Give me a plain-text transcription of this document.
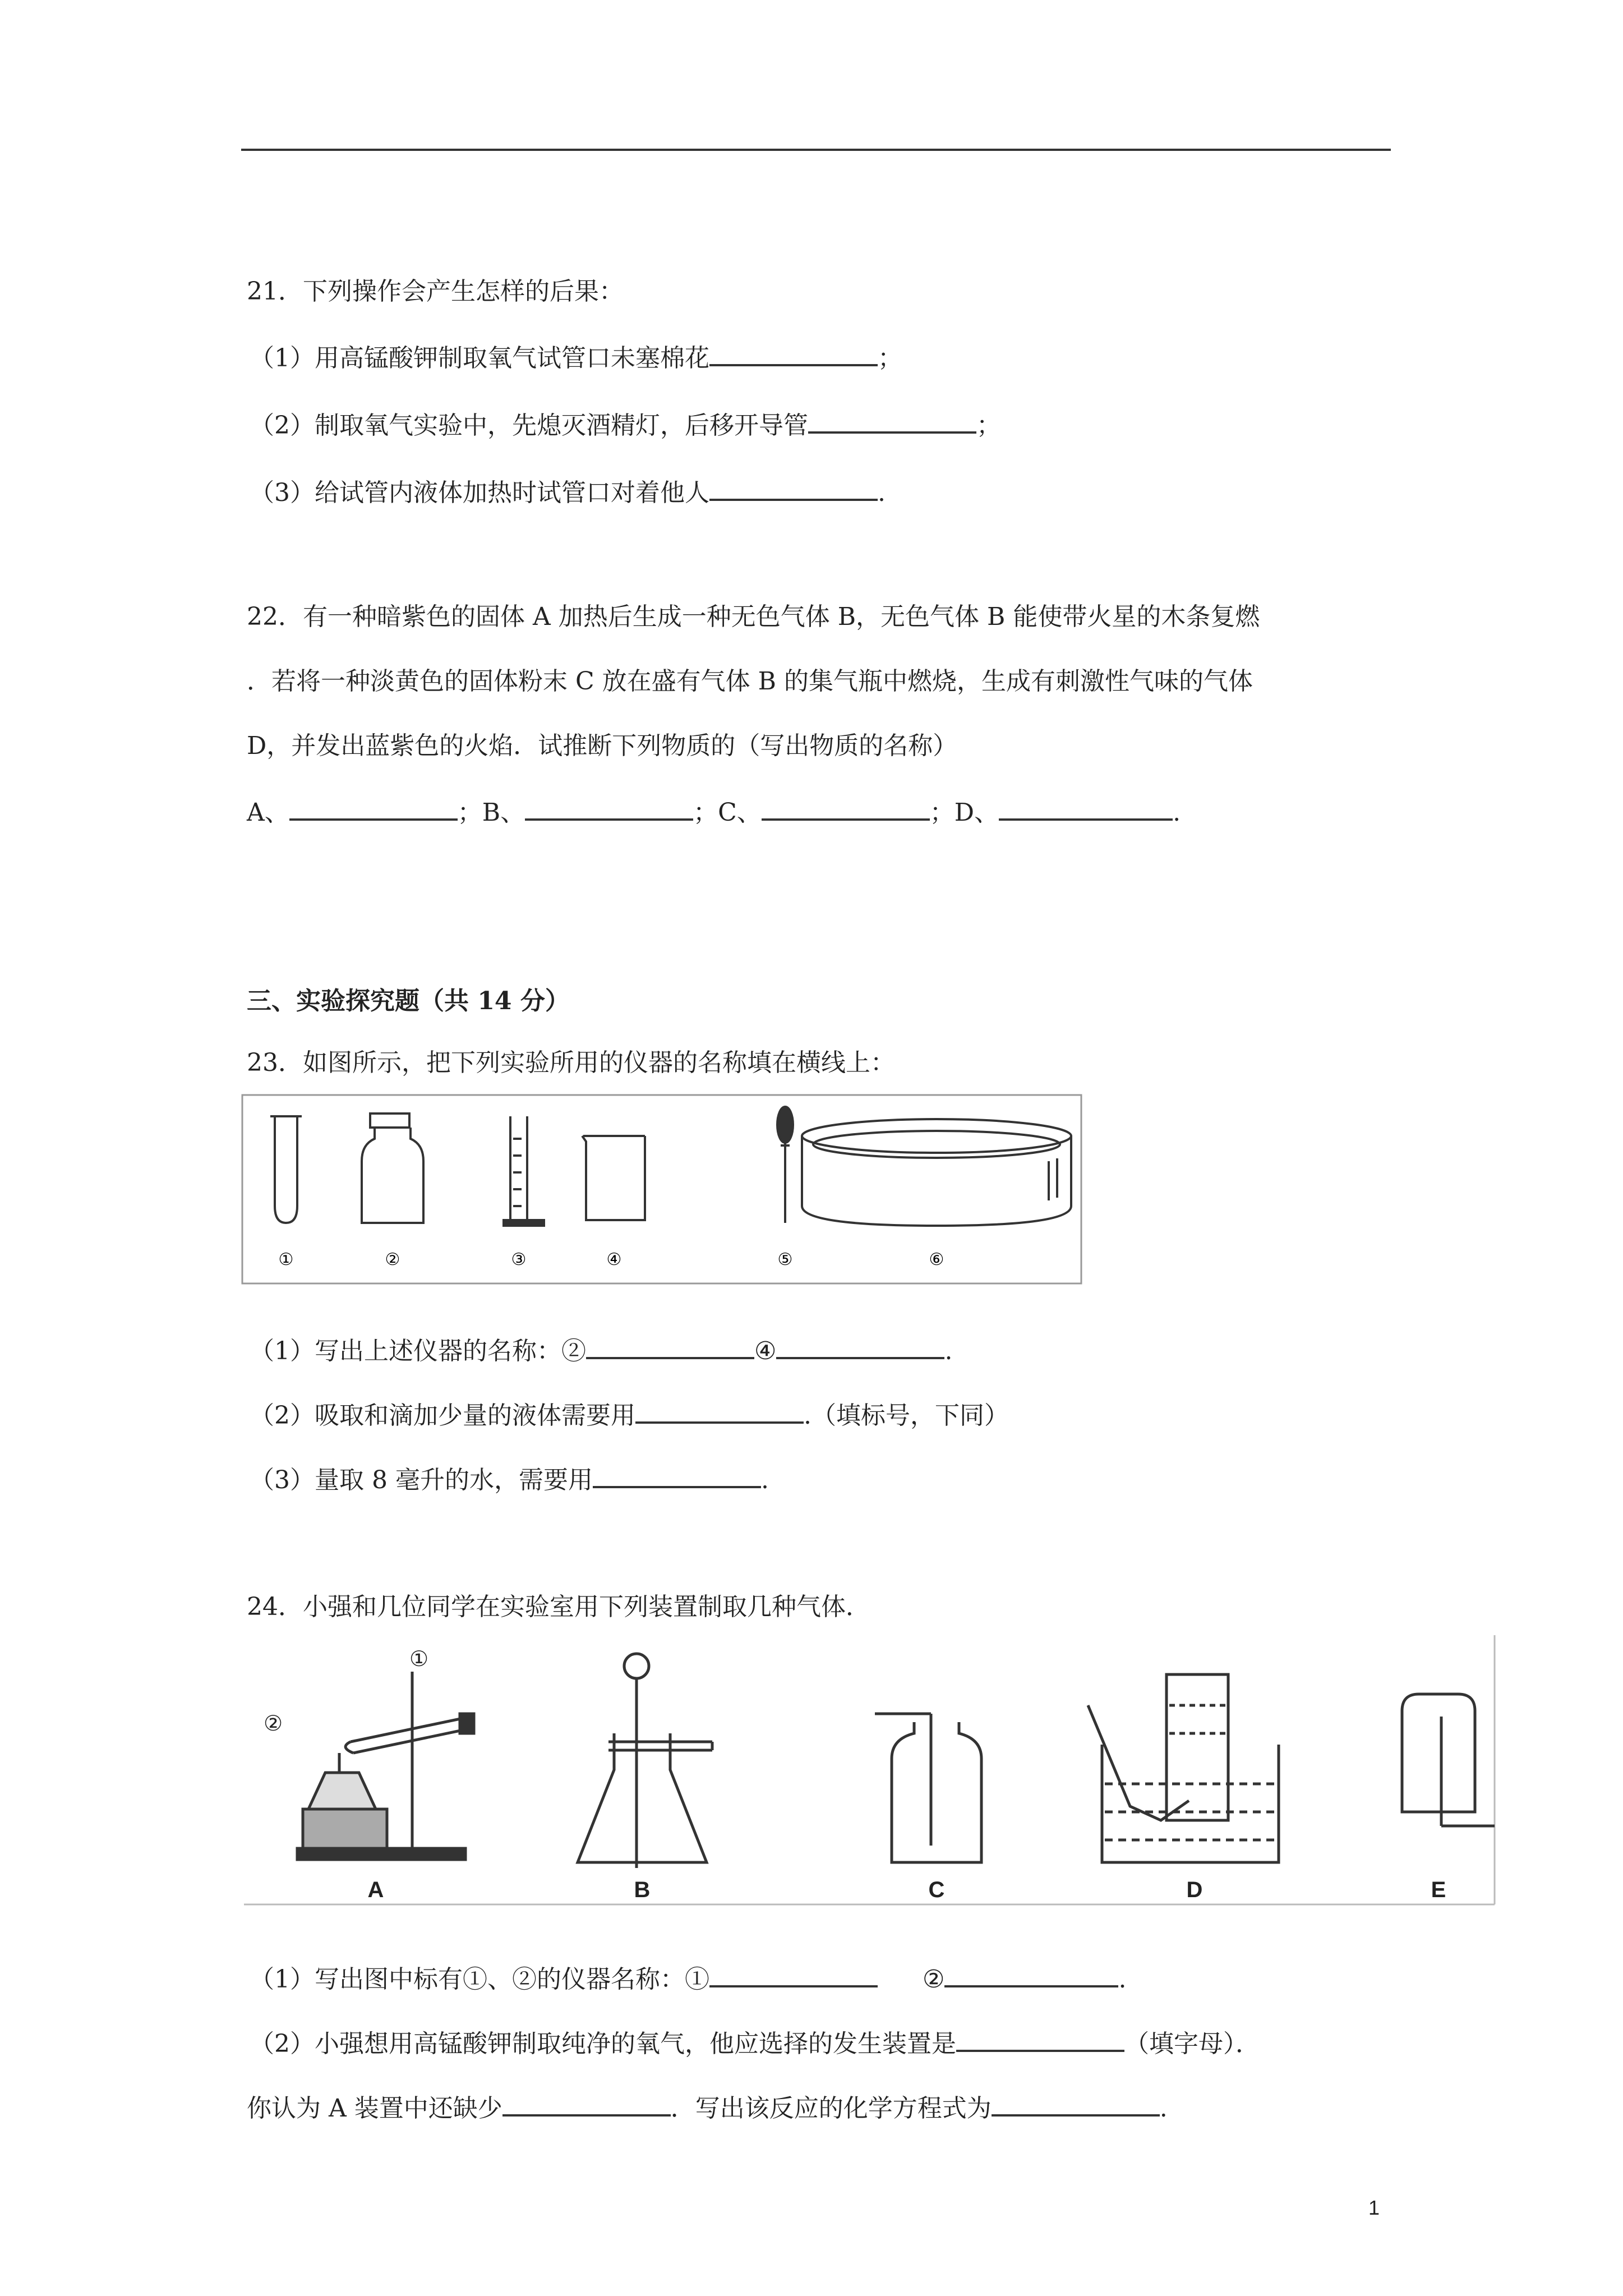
21．下列操作会产生怎样的后果：
（1）用高锰酸钾制取氧气试管口未塞棉花	；
（2）制取氧气实验中，先熄灭酒精灯，后移开导管	；
（3）给试管内液体加热时试管口对着他人	.
22．有一种暗紫色的固体 A 加热后生成一种无色气体 B，无色气体 B 能使带火星的木条复燃
．若将一种淡黄色的固体粉末 C 放在盛有气体 B 的集气瓶中燃烧，生成有刺激性气味的气体
D，并发出蓝紫色的火焰．试推断下列物质的（写出物质的名称）
A、	；B、	；C、	；D、	.
三、实验探究题（共 14 分）
23．如图所示，把下列实验所用的仪器的名称填在横线上：
①	②	③	④	⑤	⑥
（1）写出上述仪器的名称：②	④	.
（2）吸取和滴加少量的液体需要用	.（填标号，下同）
（3）量取 8 毫升的水，需要用	.
24．小强和几位同学在实验室用下列装置制取几种气体．
①
②
A	B	C	D	E
（1）写出图中标有①、②的仪器名称：①	②	.
（2）小强想用高锰酸钾制取纯净的氧气，他应选择的发生装置是	（填字母）．
你认为 A 装置中还缺少	．写出该反应的化学方程式为	.
1
